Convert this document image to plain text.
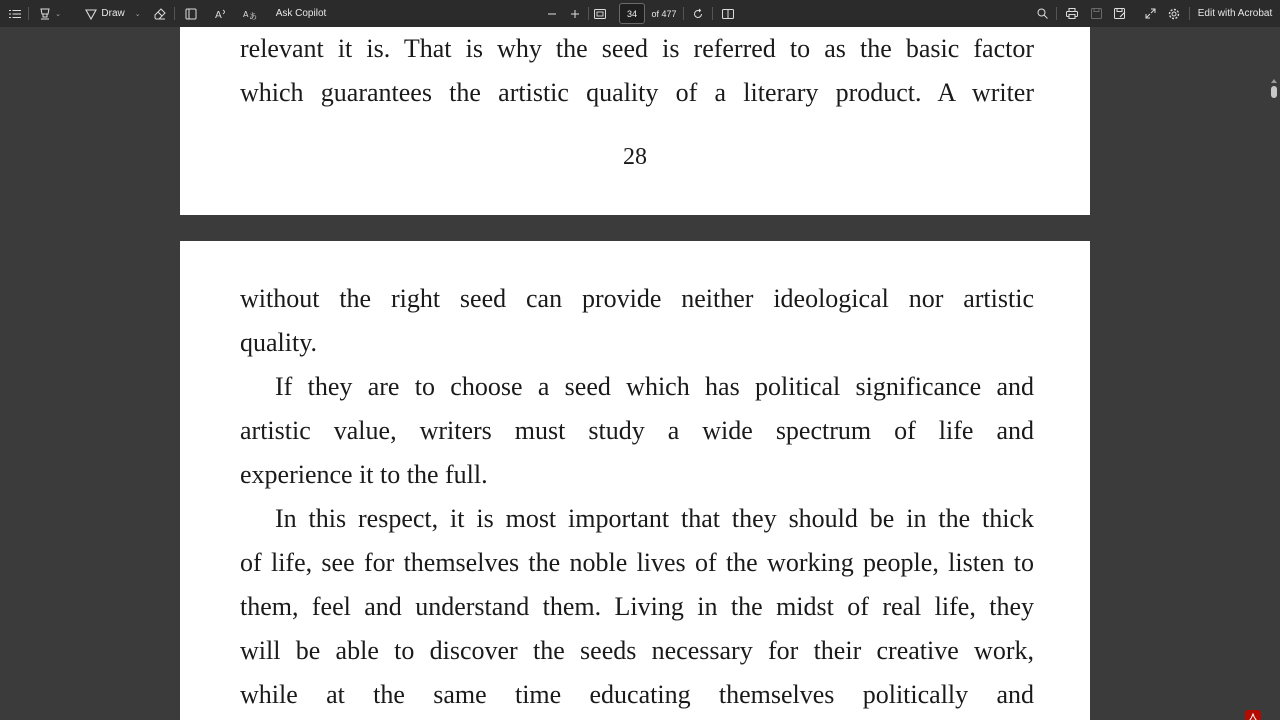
⌄	Draw ⌄	A	A あ Ask Copilot
34	of 477	Edit with Acrobat
relevant it is. That is why the seed is referred to as the basic factor
which guarantees the artistic quality of a literary product. A writer
28
without the right seed can provide neither ideological nor artistic
quality.
If they are to choose a seed which has political significance and
artistic value, writers must study a wide spectrum of life and
experience it to the full.
In this respect, it is most important that they should be in the thick
of life, see for themselves the noble lives of the working people, listen to
them, feel and understand them. Living in the midst of real life, they
will be able to discover the seeds necessary for their creative work,
while at the same time educating themselves politically and
